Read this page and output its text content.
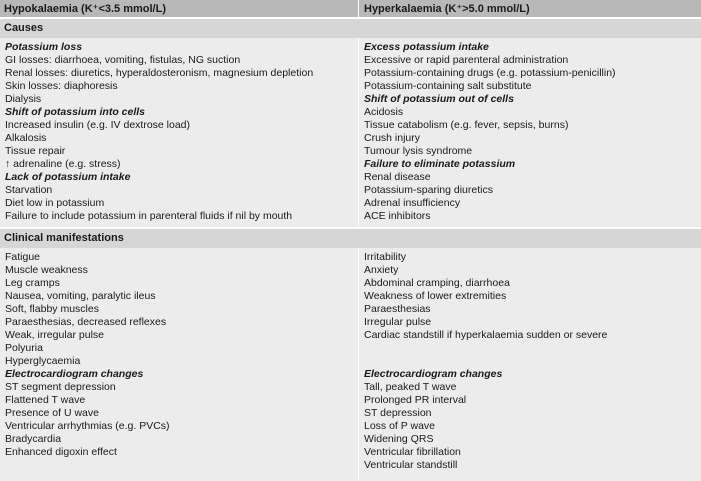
Hypokalaemia (K⁺<3.5 mmol/L)	Hyperkalaemia (K⁺>5.0 mmol/L)
Causes
Potassium loss
GI losses: diarrhoea, vomiting, fistulas, NG suction
Renal losses: diuretics, hyperaldosteronism, magnesium depletion
Skin losses: diaphoresis
Dialysis
Shift of potassium into cells
Increased insulin (e.g. IV dextrose load)
Alkalosis
Tissue repair
↑ adrenaline (e.g. stress)
Lack of potassium intake
Starvation
Diet low in potassium
Failure to include potassium in parenteral fluids if nil by mouth
Excess potassium intake
Excessive or rapid parenteral administration
Potassium-containing drugs (e.g. potassium-penicillin)
Potassium-containing salt substitute
Shift of potassium out of cells
Acidosis
Tissue catabolism (e.g. fever, sepsis, burns)
Crush injury
Tumour lysis syndrome
Failure to eliminate potassium
Renal disease
Potassium-sparing diuretics
Adrenal insufficiency
ACE inhibitors
Clinical manifestations
Fatigue
Muscle weakness
Leg cramps
Nausea, vomiting, paralytic ileus
Soft, flabby muscles
Paraesthesias, decreased reflexes
Weak, irregular pulse
Polyuria
Hyperglycaemia
Electrocardiogram changes
ST segment depression
Flattened T wave
Presence of U wave
Ventricular arrhythmias (e.g. PVCs)
Bradycardia
Enhanced digoxin effect
Irritability
Anxiety
Abdominal cramping, diarrhoea
Weakness of lower extremities
Paraesthesias
Irregular pulse
Cardiac standstill if hyperkalaemia sudden or severe
Electrocardiogram changes
Tall, peaked T wave
Prolonged PR interval
ST depression
Loss of P wave
Widening QRS
Ventricular fibrillation
Ventricular standstill
